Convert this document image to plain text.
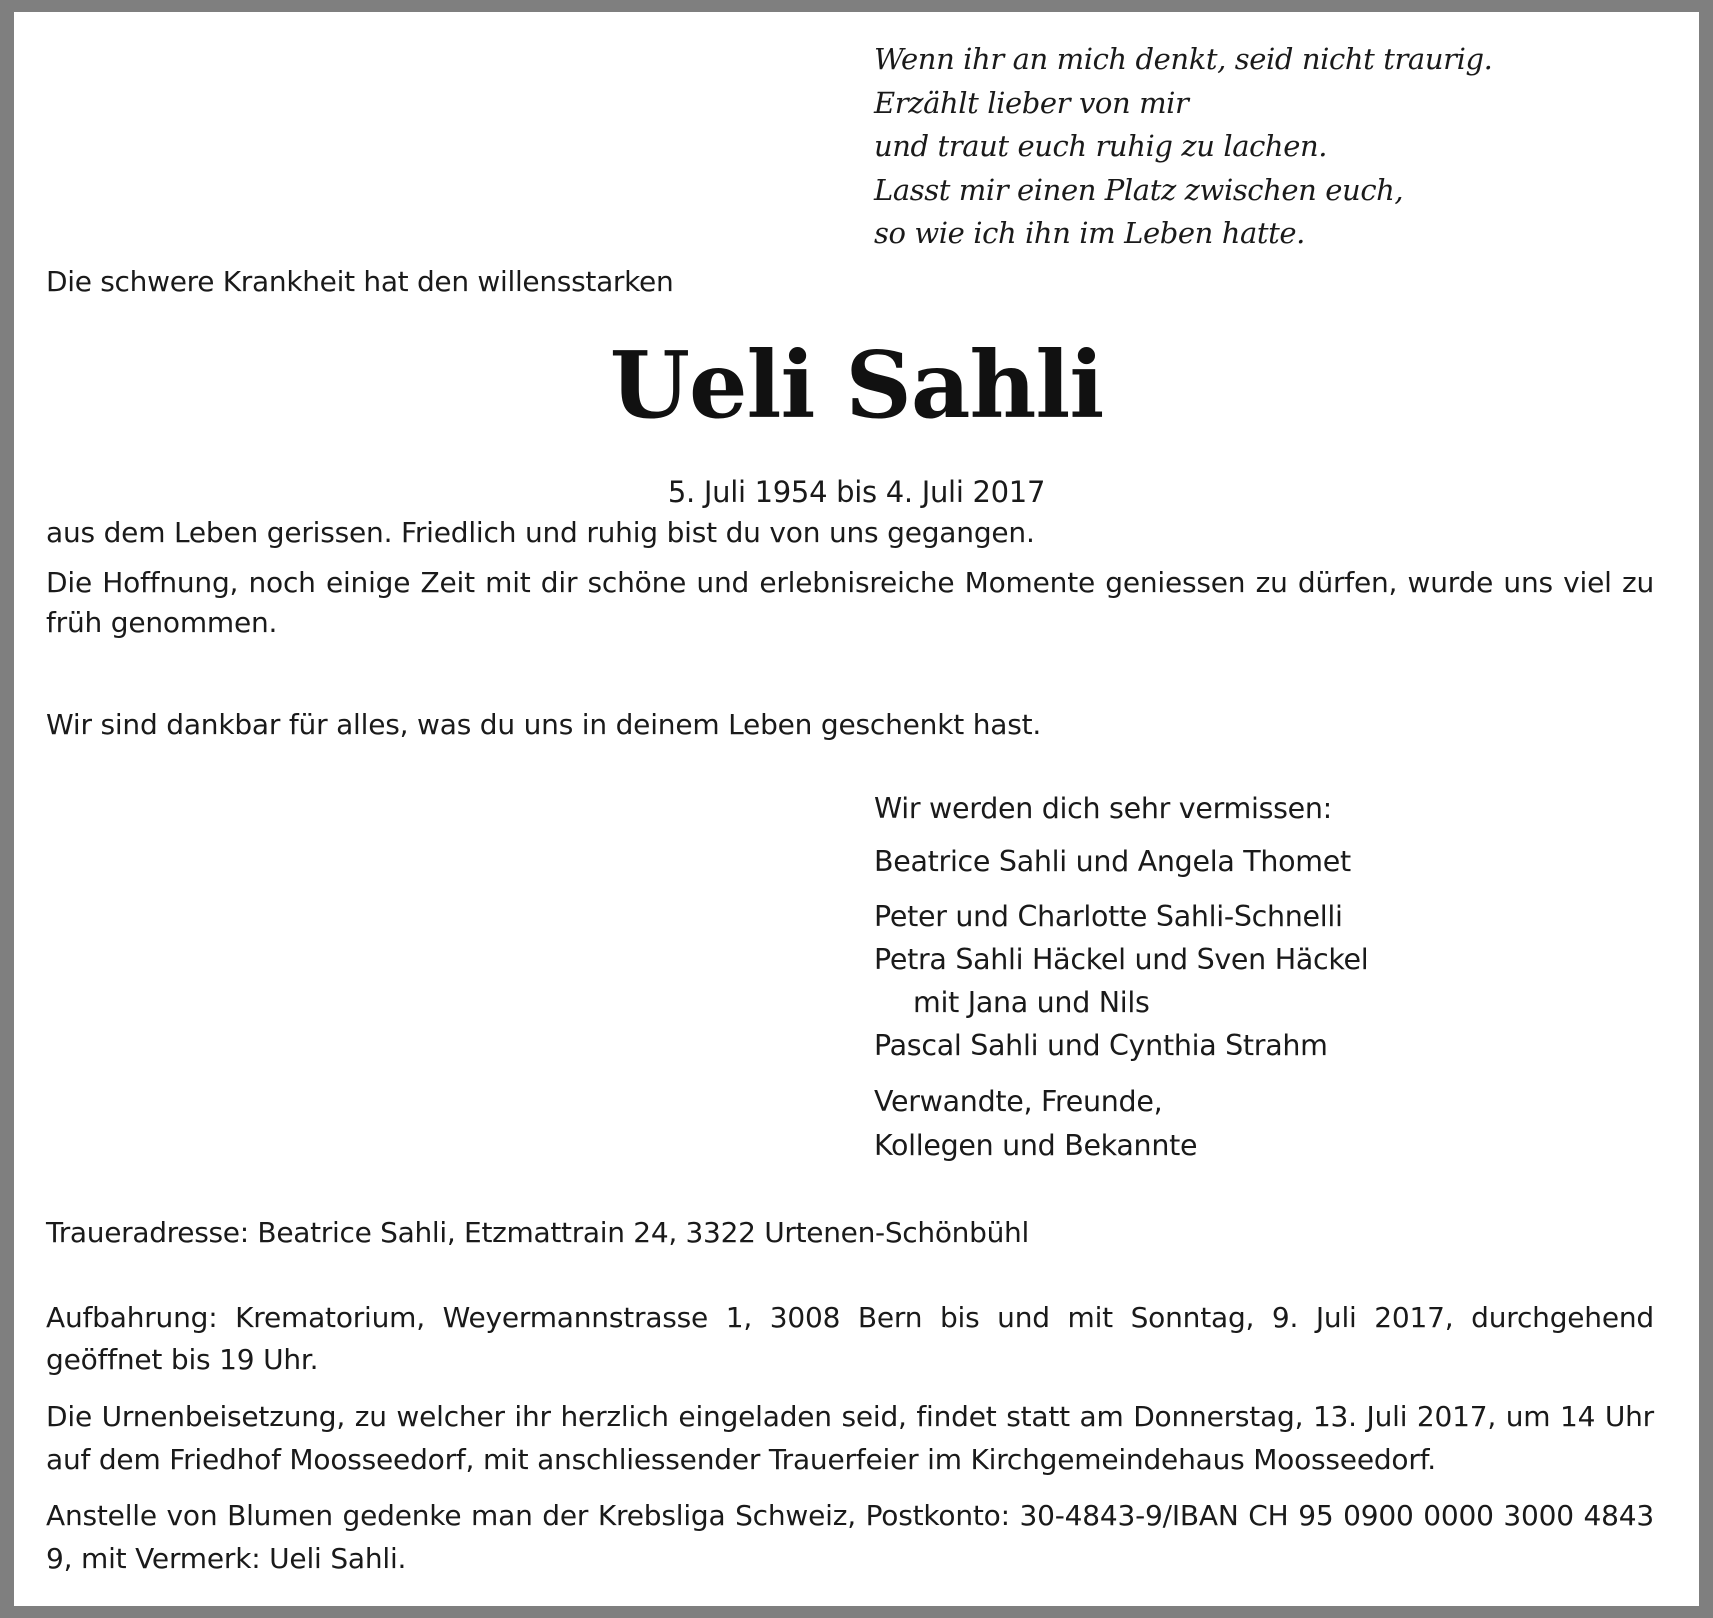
Wenn ihr an mich denkt, seid nicht traurig.
Erzählt lieber von mir
und traut euch ruhig zu lachen.
Lasst mir einen Platz zwischen euch,
so wie ich ihn im Leben hatte.

Die schwere Krankheit hat den willensstarken

Ueli Sahli

5. Juli 1954 bis 4. Juli 2017

aus dem Leben gerissen. Friedlich und ruhig bist du von uns gegangen.

Die Hoffnung, noch einige Zeit mit dir schöne und erlebnisreiche Momente geniessen zu dürfen, wurde uns viel zu früh genommen.

Wir sind dankbar für alles, was du uns in deinem Leben geschenkt hast.

Wir werden dich sehr vermissen:

Beatrice Sahli und Angela Thomet

Peter und Charlotte Sahli-Schnelli

Petra Sahli Häckel und Sven Häckel

mit Jana und Nils

Pascal Sahli und Cynthia Strahm

Verwandte, Freunde,

Kollegen und Bekannte

Traueradresse: Beatrice Sahli, Etzmattrain 24, 3322 Urtenen-Schönbühl

Aufbahrung: Krematorium, Weyermannstrasse 1, 3008 Bern bis und mit Sonntag, 9. Juli 2017, durchgehend geöffnet bis 19 Uhr.

Die Urnenbeisetzung, zu welcher ihr herzlich eingeladen seid, findet statt am Donnerstag, 13. Juli 2017, um 14 Uhr auf dem Friedhof Moosseedorf, mit anschliessender Trauerfeier im Kirchgemeindehaus Moosseedorf.

Anstelle von Blumen gedenke man der Krebsliga Schweiz, Postkonto: 30-4843-9/IBAN CH 95 0900 0000 3000 4843 9, mit Vermerk: Ueli Sahli.
